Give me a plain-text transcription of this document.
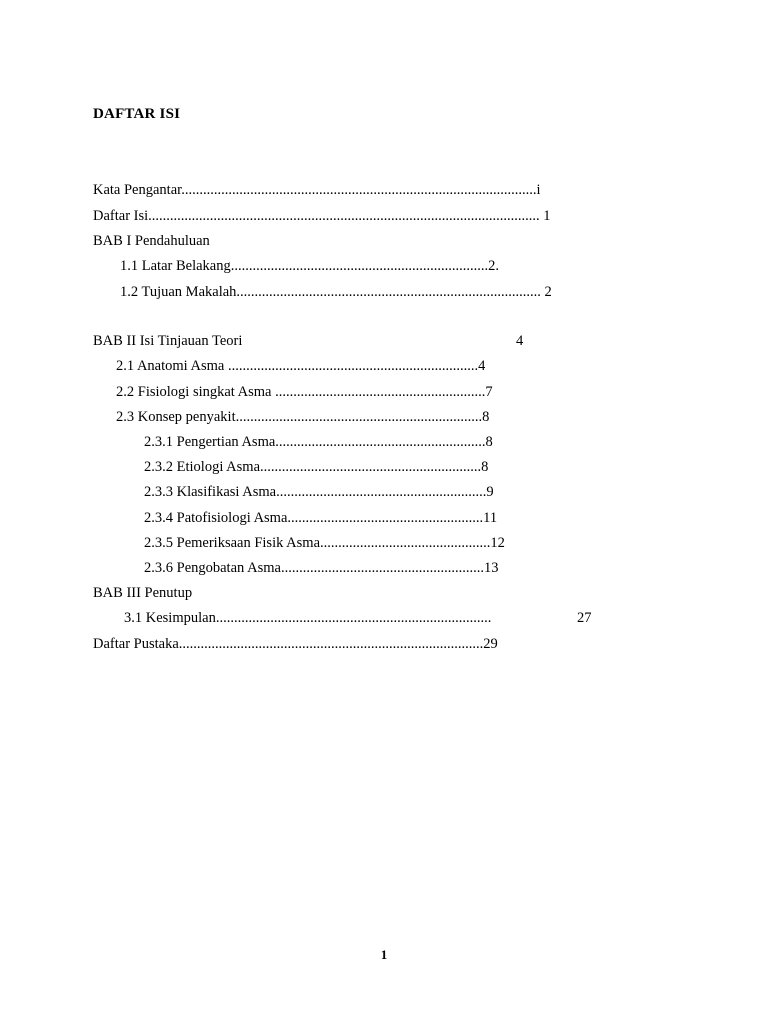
DAFTAR ISI
Kata Pengantar..................................................................................................i
Daftar Isi............................................................................................................ 1
BAB I Pendahuluan
1.1 Latar Belakang.......................................................................2.
1.2 Tujuan Makalah.................................................................................... 2
BAB II Isi Tinjauan Teori	4
2.1 Anatomi Asma .....................................................................4
2.2 Fisiologi singkat Asma ..........................................................7
2.3 Konsep penyakit....................................................................8
2.3.1 Pengertian Asma..........................................................8
2.3.2 Etiologi Asma.............................................................8
2.3.3 Klasifikasi Asma..........................................................9
2.3.4 Patofisiologi Asma......................................................11
2.3.5 Pemeriksaan Fisik Asma...............................................12
2.3.6 Pengobatan Asma........................................................13
BAB III Penutup
3.1 Kesimpulan............................................................................	27
Daftar Pustaka....................................................................................29
1
